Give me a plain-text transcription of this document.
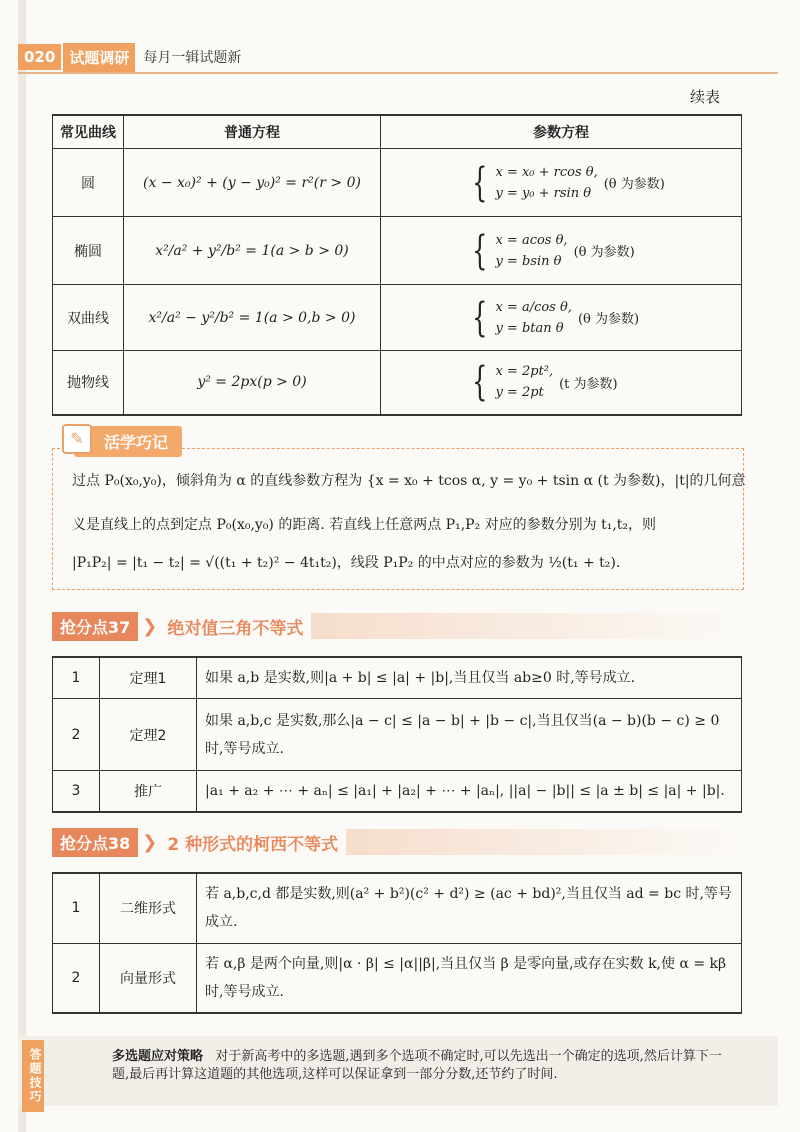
020 试题调研	每月一辑试题新
续表
常见曲线	普通方程	参数方程
圆	(x − x₀)² + (y − y₀)² = r²(r > 0)	{ x = x₀ + rcos θ,
y = y₀ + rsin θ
(θ 为参数)

椭圆	x²/a² + y²/b² = 1(a > b > 0)	{ x = acos θ,
y = bsin θ
(θ 为参数)

双曲线	x²/a² − y²/b² = 1(a > 0,b > 0)	{ x = a/cos θ,
y = btan θ
(θ 为参数)

抛物线	y² = 2px(p > 0)	{ x = 2pt²,
y = 2pt
(t 为参数)
活学巧记
✎
过点 P₀(x₀,y₀)，倾斜角为 α 的直线参数方程为 {x = x₀ + tcos α, y = y₀ + tsin α (t 为参数)，|t|的几何意
义是直线上的点到定点 P₀(x₀,y₀) 的距离. 若直线上任意两点 P₁,P₂ 对应的参数分别为 t₁,t₂，则
|P₁P₂| = |t₁ − t₂| = √((t₁ + t₂)² − 4t₁t₂)，线段 P₁P₂ 的中点对应的参数为 ½(t₁ + t₂).
抢分点37 ❯ 绝对值三角不等式
1	定理1	如果 a,b 是实数,则|a + b| ≤ |a| + |b|,当且仅当 ab≥0 时,等号成立.
2	定理2	如果 a,b,c 是实数,那么|a − c| ≤ |a − b| + |b − c|,当且仅当(a − b)(b − c) ≥ 0 时,等号成立.
3	推广	|a₁ + a₂ + ⋯ + aₙ| ≤ |a₁| + |a₂| + ⋯ + |aₙ|, ||a| − |b|| ≤ |a ± b| ≤ |a| + |b|.
抢分点38 ❯ 2 种形式的柯西不等式
1	二维形式	若 a,b,c,d 都是实数,则(a² + b²)(c² + d²) ≥ (ac + bd)²,当且仅当 ad = bc 时,等号成立.
2	向量形式	若 α,β 是两个向量,则|α · β| ≤ |α||β|,当且仅当 β 是零向量,或存在实数 k,使 α = kβ 时,等号成立.
答题技巧	多选题应对策略 对于新高考中的多选题,遇到多个选项不确定时,可以先选出一个确定的选项,然后计算下一题,最后再计算这道题的其他选项,这样可以保证拿到一部分分数,还节约了时间.
